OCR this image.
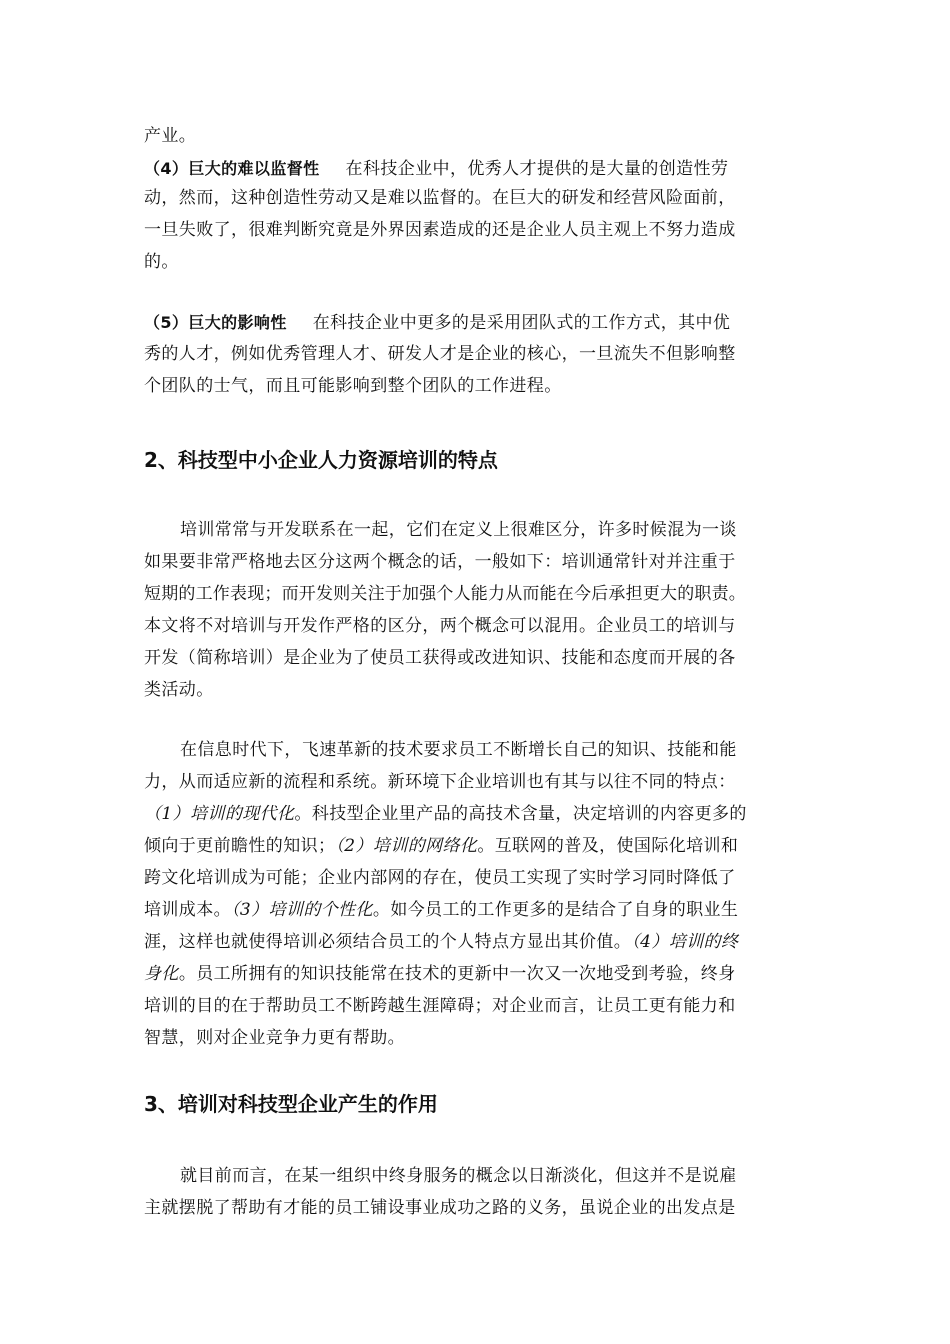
产业。
（4）巨大的难以监督性 在科技企业中，优秀人才提供的是大量的创造性劳
动，然而，这种创造性劳动又是难以监督的。在巨大的研发和经营风险面前，
一旦失败了，很难判断究竟是外界因素造成的还是企业人员主观上不努力造成
的。
（5）巨大的影响性 在科技企业中更多的是采用团队式的工作方式，其中优
秀的人才，例如优秀管理人才、研发人才是企业的核心，一旦流失不但影响整
个团队的士气，而且可能影响到整个团队的工作进程。
2、科技型中小企业人力资源培训的特点
培训常常与开发联系在一起，它们在定义上很难区分，许多时候混为一谈
如果要非常严格地去区分这两个概念的话，一般如下：培训通常针对并注重于
短期的工作表现；而开发则关注于加强个人能力从而能在今后承担更大的职责。
本文将不对培训与开发作严格的区分，两个概念可以混用。企业员工的培训与
开发（简称培训）是企业为了使员工获得或改进知识、技能和态度而开展的各
类活动。
在信息时代下，飞速革新的技术要求员工不断增长自己的知识、技能和能
力，从而适应新的流程和系统。新环境下企业培训也有其与以往不同的特点：
（1）培训的现代化。科技型企业里产品的高技术含量，决定培训的内容更多的
倾向于更前瞻性的知识；（2）培训的网络化。互联网的普及，使国际化培训和
跨文化培训成为可能；企业内部网的存在，使员工实现了实时学习同时降低了
培训成本。（3）培训的个性化。如今员工的工作更多的是结合了自身的职业生
涯，这样也就使得培训必须结合员工的个人特点方显出其价值。（4）培训的终
身化。员工所拥有的知识技能常在技术的更新中一次又一次地受到考验，终身
培训的目的在于帮助员工不断跨越生涯障碍；对企业而言，让员工更有能力和
智慧，则对企业竞争力更有帮助。
3、培训对科技型企业产生的作用
就目前而言，在某一组织中终身服务的概念以日渐淡化，但这并不是说雇
主就摆脱了帮助有才能的员工铺设事业成功之路的义务，虽说企业的出发点是
